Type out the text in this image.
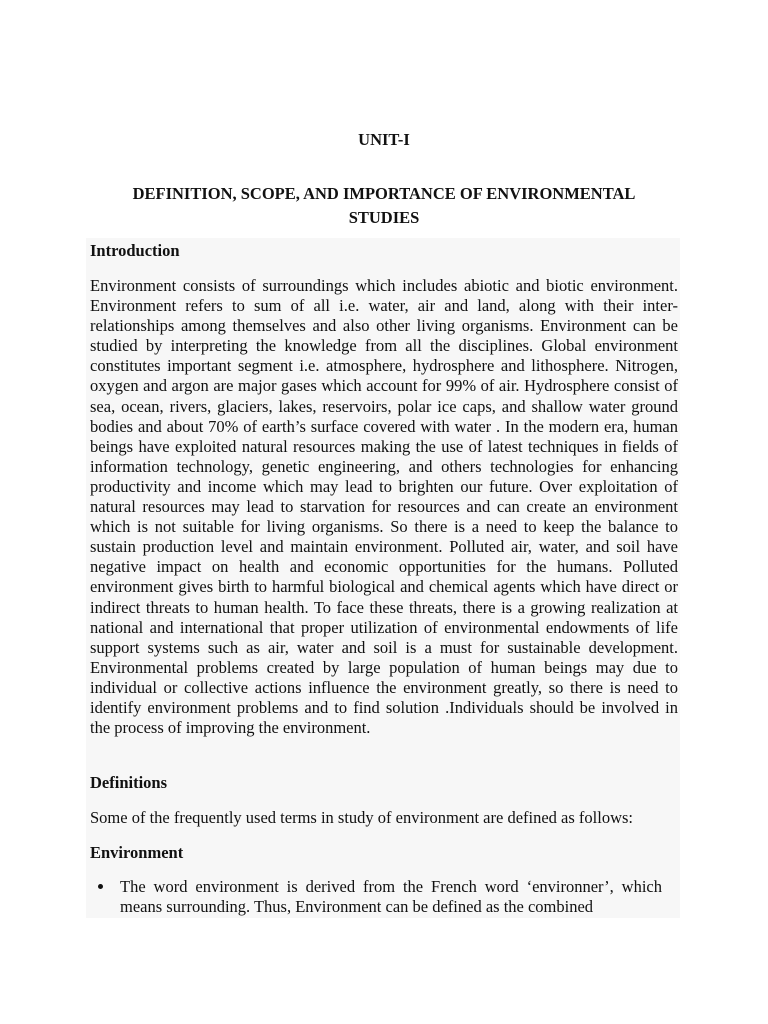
UNIT-I
DEFINITION, SCOPE, AND IMPORTANCE OF ENVIRONMENTAL STUDIES

Introduction

Environment consists of surroundings which includes abiotic and biotic environment. Environment refers to sum of all i.e. water, air and land, along with their inter-relationships among themselves and also other living organisms. Environment can be studied by interpreting the knowledge from all the disciplines. Global environment constitutes important segment i.e. atmosphere, hydrosphere and lithosphere. Nitrogen, oxygen and argon are major gases which account for 99% of air. Hydrosphere consist of sea, ocean, rivers, glaciers, lakes, reservoirs, polar ice caps, and shallow water ground bodies and about 70% of earth’s surface covered with water . In the modern era, human beings have exploited natural resources making the use of latest techniques in fields of information technology, genetic engineering, and others technologies for enhancing productivity and income which may lead to brighten our future. Over exploitation of natural resources may lead to starvation for resources and can create an environment which is not suitable for living organisms. So there is a need to keep the balance to sustain production level and maintain environment. Polluted air, water, and soil have negative impact on health and economic opportunities for the humans. Polluted environment gives birth to harmful biological and chemical agents which have direct or indirect threats to human health. To face these threats, there is a growing realization at national and international that proper utilization of environmental endowments of life support systems such as air, water and soil is a must for sustainable development. Environmental problems created by large population of human beings may due to individual or collective actions influence the environment greatly, so there is need to identify environment problems and to find solution .Individuals should be involved in the process of improving the environment.

Definitions

Some of the frequently used terms in study of environment are defined as follows:

Environment

The word environment is derived from the French word ‘environner’, which means surrounding. Thus, Environment can be defined as the combined
